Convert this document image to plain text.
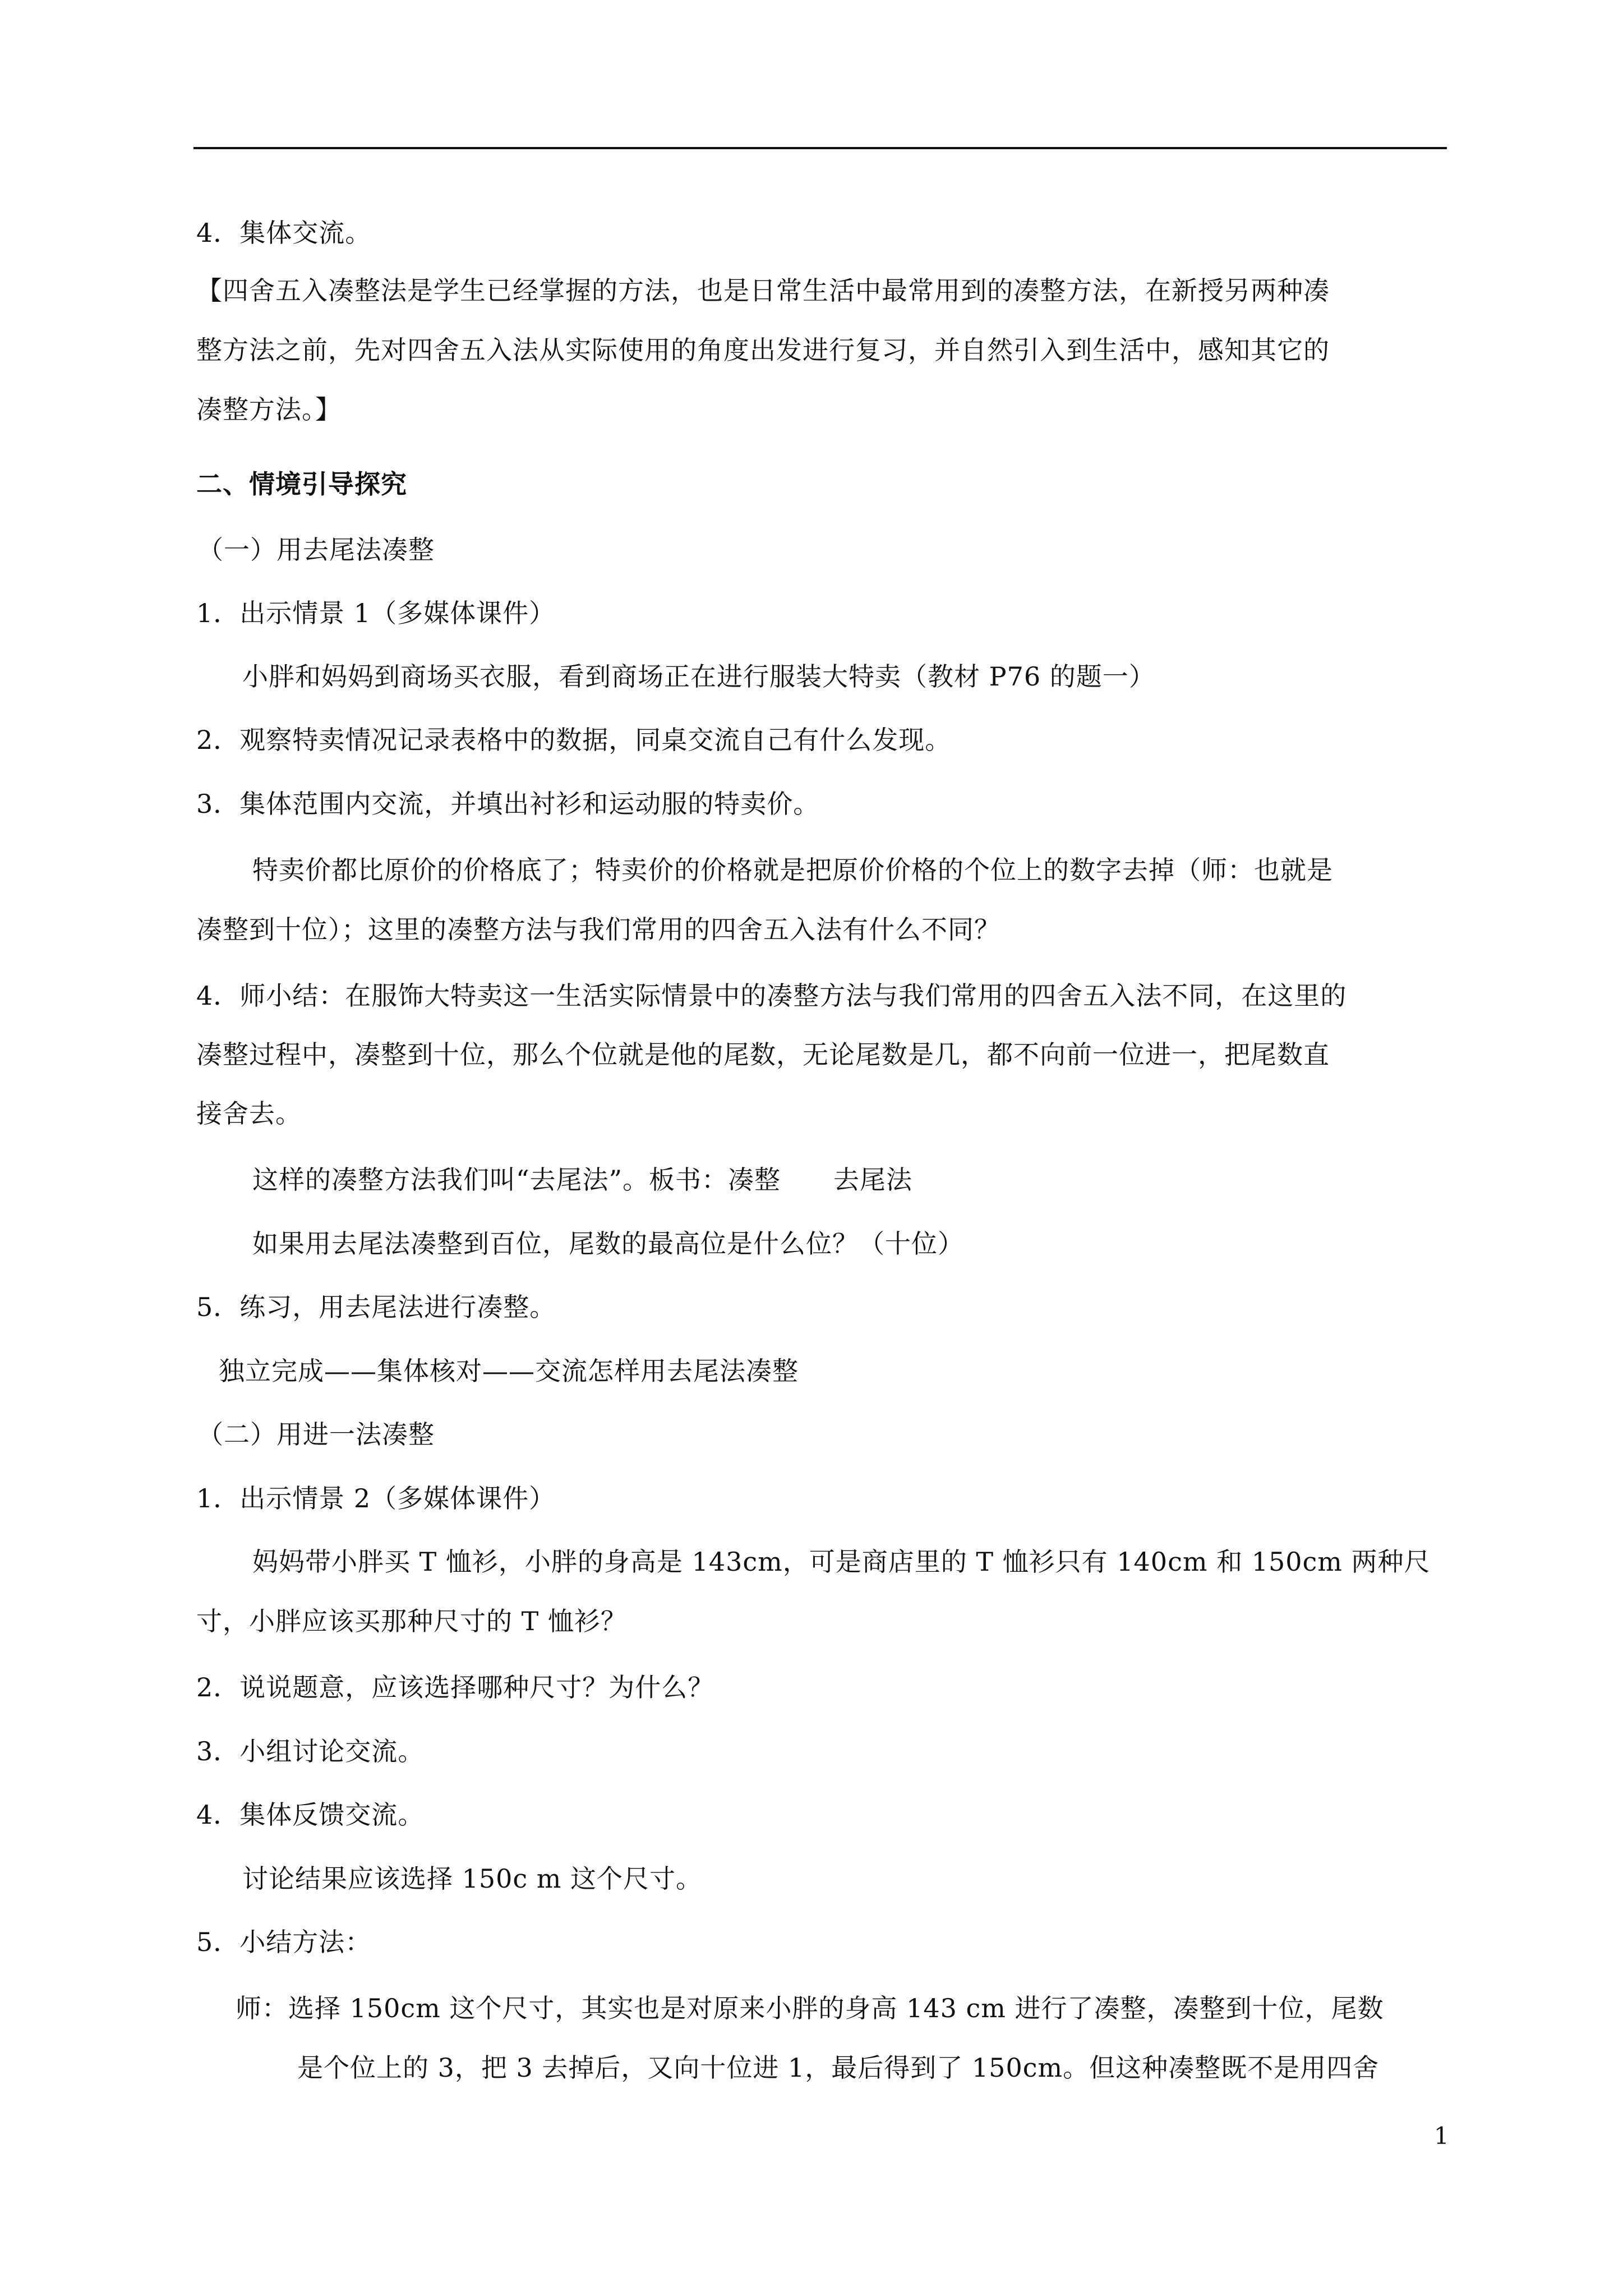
4．集体交流。
【四舍五入凑整法是学生已经掌握的方法，也是日常生活中最常用到的凑整方法，在新授另两种凑
整方法之前，先对四舍五入法从实际使用的角度出发进行复习，并自然引入到生活中，感知其它的
凑整方法。】
二、情境引导探究
（一）用去尾法凑整
1．出示情景 1（多媒体课件）
小胖和妈妈到商场买衣服，看到商场正在进行服装大特卖（教材 P76 的题一）
2．观察特卖情况记录表格中的数据，同桌交流自己有什么发现。
3．集体范围内交流，并填出衬衫和运动服的特卖价。
特卖价都比原价的价格底了；特卖价的价格就是把原价价格的个位上的数字去掉（师：也就是
凑整到十位）；这里的凑整方法与我们常用的四舍五入法有什么不同？
4．师小结：在服饰大特卖这一生活实际情景中的凑整方法与我们常用的四舍五入法不同，在这里的
凑整过程中，凑整到十位，那么个位就是他的尾数，无论尾数是几，都不向前一位进一，把尾数直
接舍去。
这样的凑整方法我们叫“去尾法”。板书：凑整　　去尾法
如果用去尾法凑整到百位，尾数的最高位是什么位？（十位）
5．练习，用去尾法进行凑整。
独立完成——集体核对——交流怎样用去尾法凑整
（二）用进一法凑整
1．出示情景 2（多媒体课件）
妈妈带小胖买 T 恤衫，小胖的身高是 143cm，可是商店里的 T 恤衫只有 140cm 和 150cm 两种尺
寸，小胖应该买那种尺寸的 T 恤衫？
2．说说题意，应该选择哪种尺寸？为什么？
3．小组讨论交流。
4．集体反馈交流。
讨论结果应该选择 150c m 这个尺寸。
5．小结方法：
师：选择 150cm 这个尺寸，其实也是对原来小胖的身高 143 cm 进行了凑整，凑整到十位，尾数
是个位上的 3，把 3 去掉后，又向十位进 1，最后得到了 150cm。但这种凑整既不是用四舍
1
